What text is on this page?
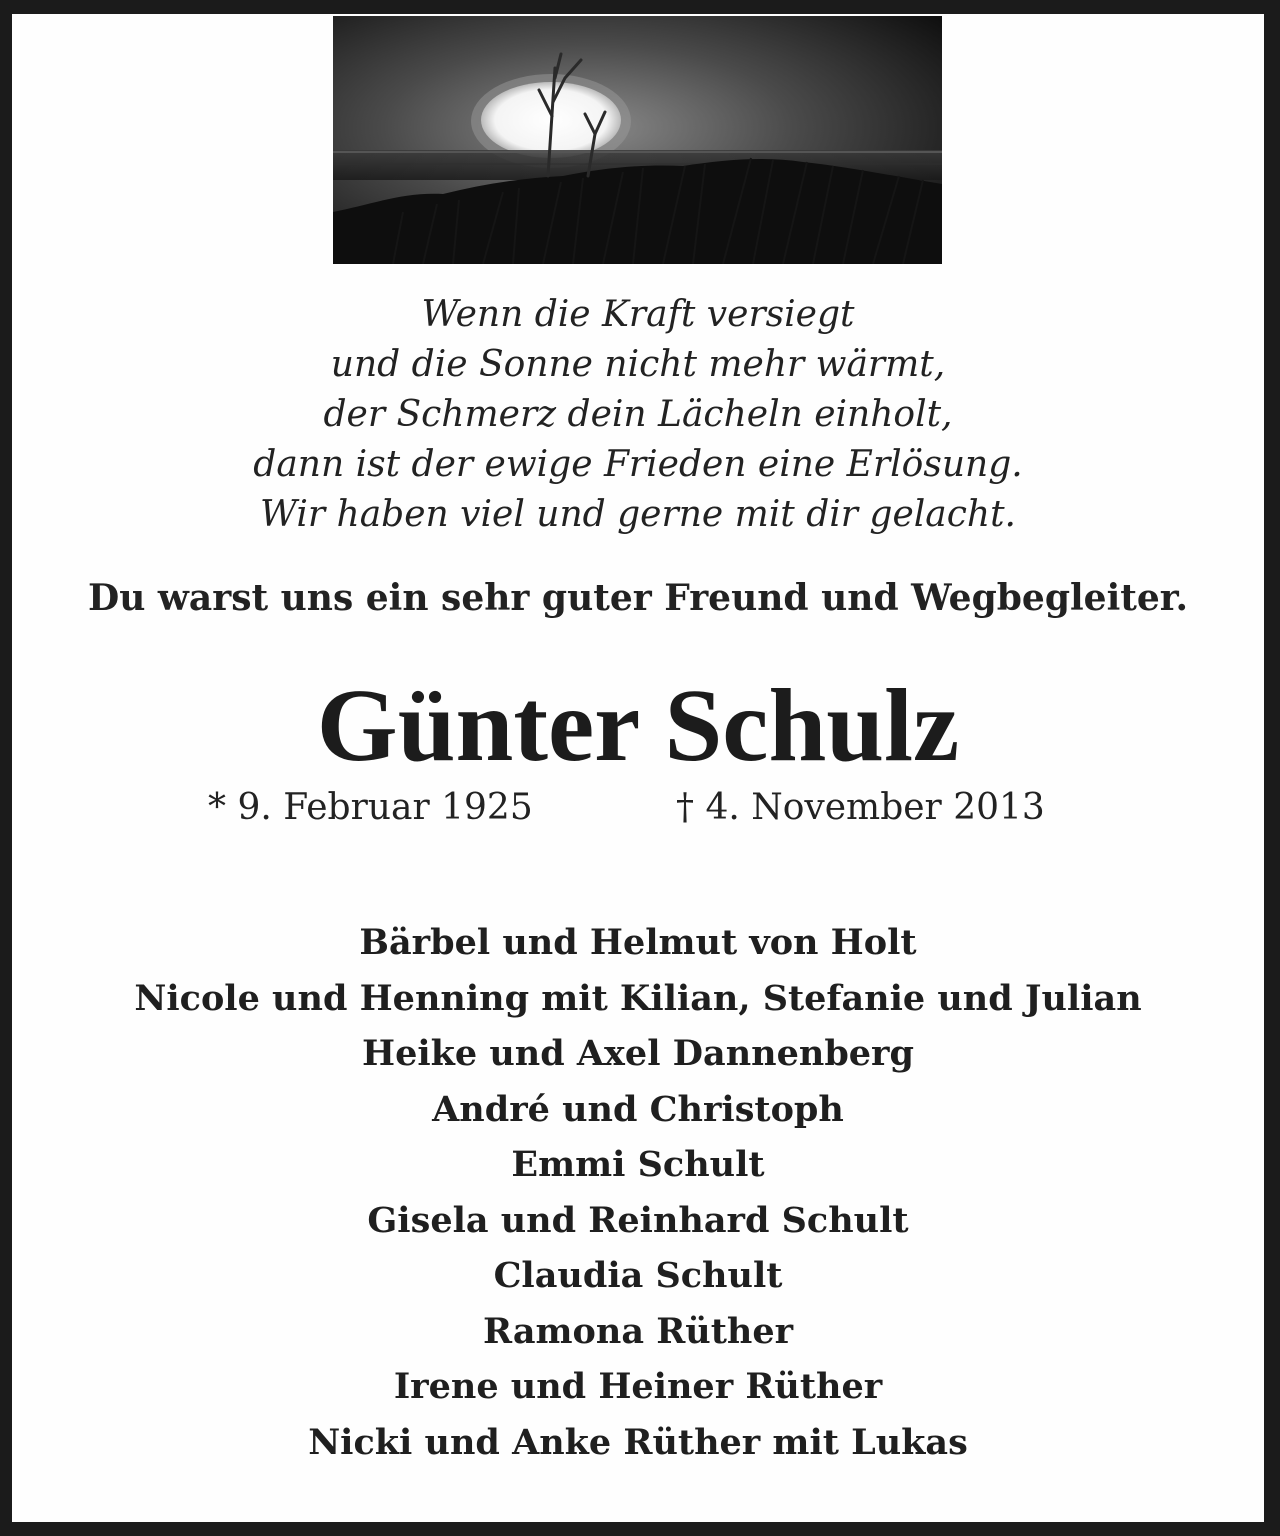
Wenn die Kraft versiegt
und die Sonne nicht mehr wärmt,
der Schmerz dein Lächeln einholt,
dann ist der ewige Frieden eine Erlösung.
Wir haben viel und gerne mit dir gelacht.
Du warst uns ein sehr guter Freund und Wegbegleiter.
Günter Schulz
* 9. Februar 1925	† 4. November 2013
Bärbel und Helmut von Holt
Nicole und Henning mit Kilian, Stefanie und Julian
Heike und Axel Dannenberg
André und Christoph
Emmi Schult
Gisela und Reinhard Schult
Claudia Schult
Ramona Rüther
Irene und Heiner Rüther
Nicki und Anke Rüther mit Lukas
